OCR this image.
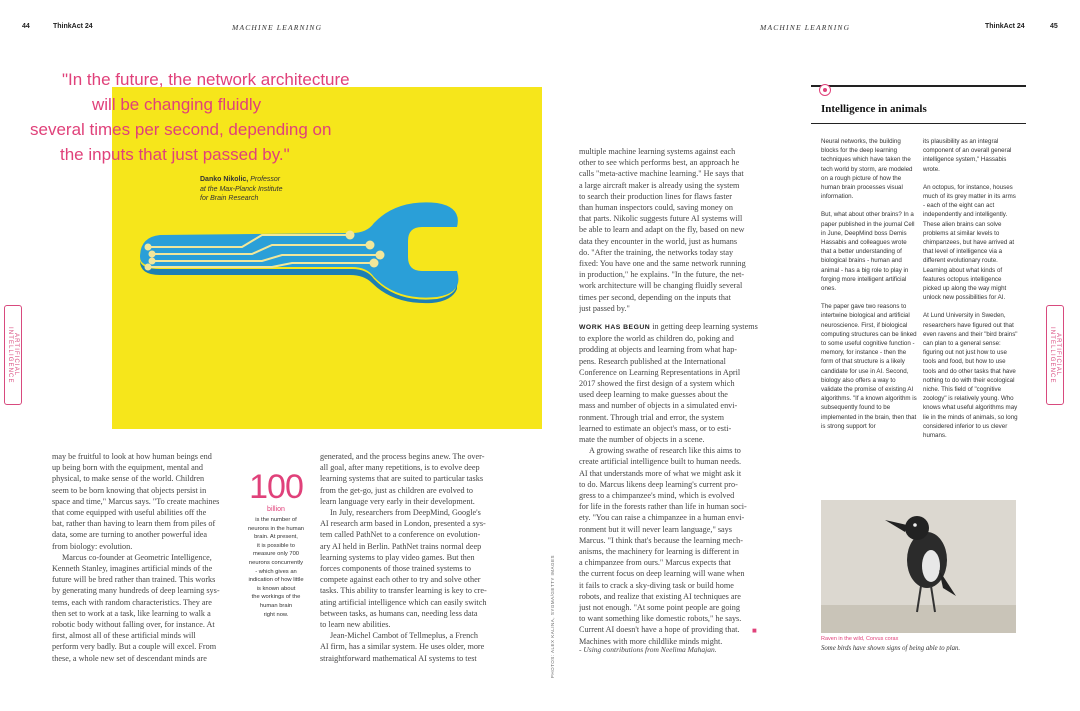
44	ThinkAct 24	MACHINE LEARNING	MACHINE LEARNING	ThinkAct 24	45
ARTIFICIAL INTELLIGENCE	ARTIFICIAL INTELLIGENCE
"In the future, the network architecture
will be changing fluidly
several times per second, depending on
the inputs that just passed by."
Danko Nikolic, Professor
at the Max-Planck Institute
for Brain Research
may be fruitful to look at how human beings end
up being born with the equipment, mental and
physical, to make sense of the world. Children
seem to be born knowing that objects persist in
space and time," Marcus says. "To create machines
that come equipped with useful abilities off the
bat, rather than having to learn them from piles of
data, some are turning to another powerful idea
from biology: evolution.
Marcus co-founder at Geometric Intelligence,
Kenneth Stanley, imagines artificial minds of the
future will be bred rather than trained. This works
by generating many hundreds of deep learning sys-
tems, each with random characteristics. They are
then set to work at a task, like learning to walk a
robotic body without falling over, for instance. At
first, almost all of these artificial minds will
perform very badly. But a couple will excel. From
these, a whole new set of descendant minds are
100
billion
is the number of
neurons in the human
brain. At present,
it is possible to
measure only 700
neurons concurrently
- which gives an
indication of how little
is known about
the workings of the
human brain
right now.
generated, and the process begins anew. The over-
all goal, after many repetitions, is to evolve deep
learning systems that are suited to particular tasks
from the get-go, just as children are evolved to
learn language very early in their development.
In July, researchers from DeepMind, Google's
AI research arm based in London, presented a sys-
tem called PathNet to a conference on evolution-
ary AI held in Berlin. PathNet trains normal deep
learning systems to play video games. But then
forces components of those trained systems to
compete against each other to try and solve other
tasks. This ability to transfer learning is key to cre-
ating artificial intelligence which can easily switch
between tasks, as humans can, needing less data
to learn new abilities.
Jean-Michel Cambot of Tellmeplus, a French
AI firm, has a similar system. He uses older, more
straightforward mathematical AI systems to test	PHOTOS: ALEX KALINA, SYGMA/GETTY IMAGES
multiple machine learning systems against each
other to see which performs best, an approach he
calls "meta-active machine learning." He says that
a large aircraft maker is already using the system
to search their production lines for flaws faster
than human inspectors could, saving money on
that parts. Nikolic suggests future AI systems will
be able to learn and adapt on the fly, based on new
data they encounter in the world, just as humans
do. "After the training, the networks today stay
fixed: You have one and the same network running
in production," he explains. "In the future, the net-
work architecture will be changing fluidly several
times per second, depending on the inputs that
just passed by."
WORK HAS BEGUN in getting deep learning systems
to explore the world as children do, poking and
prodding at objects and learning from what hap-
pens. Research published at the International
Conference on Learning Representations in April
2017 showed the first design of a system which
used deep learning to make guesses about the
mass and number of objects in a simulated envi-
ronment. Through trial and error, the system
learned to estimate an object's mass, or to esti-
mate the number of objects in a scene.
A growing swathe of research like this aims to
create artificial intelligence built to human needs.
AI that understands more of what we might ask it
to do. Marcus likens deep learning's current pro-
gress to a chimpanzee's mind, which is evolved
for life in the forests rather than life in human soci-
ety. "You can raise a chimpanzee in a human envi-
ronment but it will never learn language," says
Marcus. "I think that's because the learning mech-
anisms, the machinery for learning is different in
a chimpanzee from ours." Marcus expects that
the current focus on deep learning will wane when
it fails to crack a sky-diving task or build home
robots, and realize that existing AI techniques are
just not enough. "At some point people are going
to want something like domestic robots," he says.
Current AI doesn't have a hope of providing that.
Machines with more childlike minds might.
■
- Using contributions from Neelima Mahajan.
Intelligence in animals

Neural networks, the building blocks for the deep learning techniques which have taken the tech world by storm, are modeled on a rough picture of how the human brain processes visual information.

But, what about other brains? In a paper published in the journal Cell in June, DeepMind boss Demis Hassabis and colleagues wrote that a better understanding of biological brains - human and animal - has a big role to play in forging more intelligent artificial ones.

The paper gave two reasons to intertwine biological and artificial neuroscience. First, if biological computing structures can be linked to some useful cognitive function - memory, for instance - then the form of that structure is a likely candidate for use in AI. Second, biology also offers a way to validate the promise of existing AI algorithms. "If a known algorithm is subsequently found to be implemented in the brain, then that is strong support for

its plausibility as an integral component of an overall general intelligence system," Hassabis wrote.

An octopus, for instance, houses much of its grey matter in its arms - each of the eight can act independently and intelligently. These alien brains can solve problems at similar levels to chimpanzees, but have arrived at that level of intelligence via a different evolutionary route. Learning about what kinds of features octopus intelligence picked up along the way might unlock new possibilities for AI.

At Lund University in Sweden, researchers have figured out that even ravens and their "bird brains" can plan to a general sense: figuring out not just how to use tools and food, but how to use tools and do other tasks that have nothing to do with their ecological niche. This field of "cognitive zoology" is relatively young. Who knows what useful algorithms may lie in the minds of animals, so long considered inferior to us clever humans.

Raven in the wild, Corvus corax
Some birds have shown signs of being able to plan.
